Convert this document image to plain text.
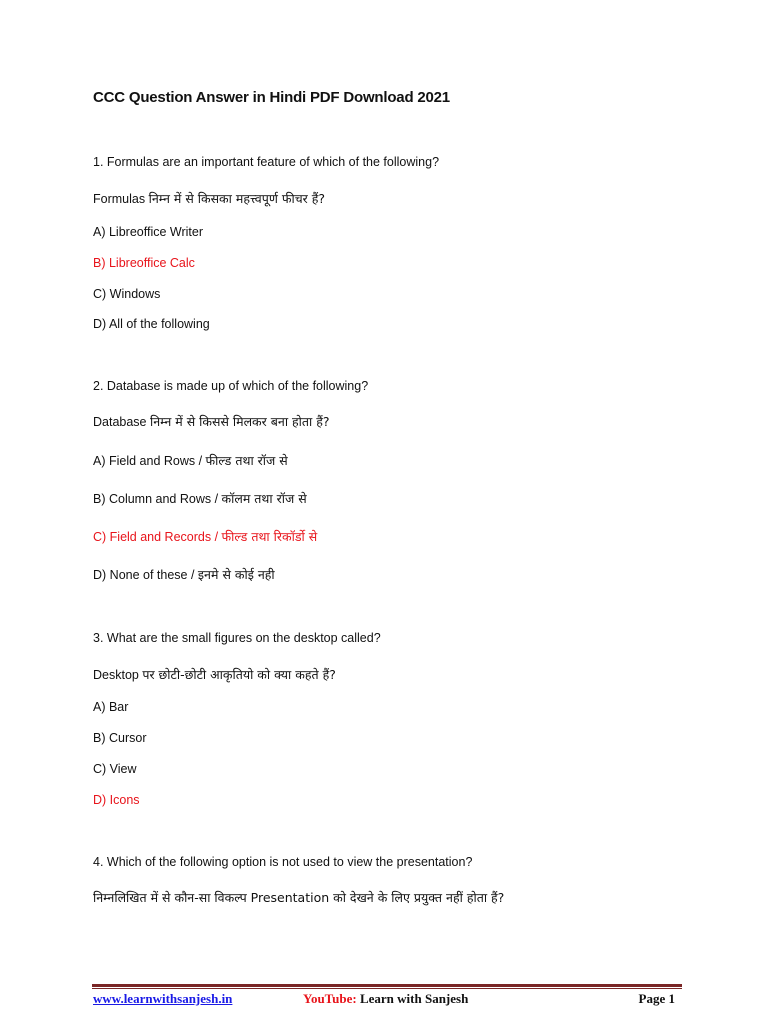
CCC Question Answer in Hindi PDF Download 2021
1. Formulas are an important feature of which of the following?
Formulas निम्न में से किसका महत्त्वपूर्ण फीचर हैं?
A) Libreoffice Writer
B) Libreoffice Calc
C) Windows
D) All of the following
2. Database is made up of which of the following?
Database निम्न में से किससे मिलकर बना होता हैं?
A) Field and Rows / फील्ड तथा रॉज से
B) Column and Rows / कॉलम तथा रॉज से
C) Field and Records / फील्ड तथा रिकॉर्डो से
D) None of these / इनमे से कोई नही
3. What are the small figures on the desktop called?
Desktop पर छोटी-छोटी आकृतियो को क्या कहते हैं?
A) Bar
B) Cursor
C) View
D) Icons
4. Which of the following option is not used to view the presentation?
निम्नलिखित में से कौन-सा विकल्प Presentation को देखने के लिए प्रयुक्त नहीं होता हैं?
www.learnwithsanjesh.in	YouTube: Learn with Sanjesh	Page 1
